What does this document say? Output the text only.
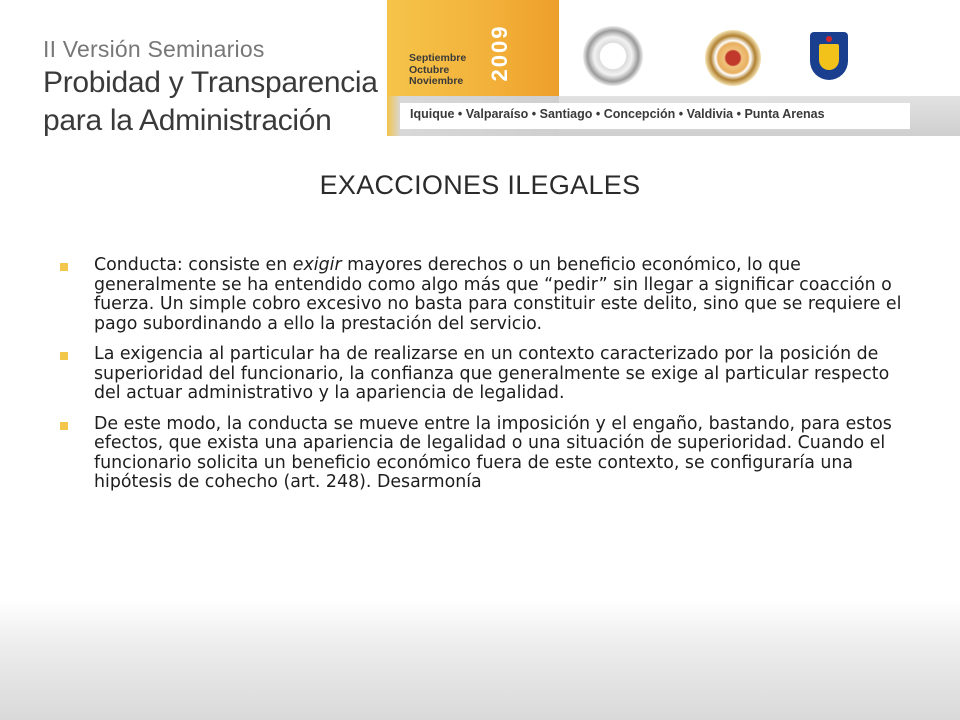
II Versión Seminarios
Probidad y Transparencia
para la Administración
Septiembre
Octubre
Noviembre	2009
Iquique • Valparaíso • Santiago • Concepción • Valdivia • Punta Arenas
EXACCIONES ILEGALES
Conducta: consiste en exigir mayores derechos o un beneficio económico, lo que generalmente se ha entendido como algo más que “pedir” sin llegar a significar coacción o fuerza. Un simple cobro excesivo no basta para constituir este delito, sino que se requiere el pago subordinando a ello la prestación del servicio.
La exigencia al particular ha de realizarse en un contexto caracterizado por la posición de superioridad del funcionario, la confianza que generalmente se exige al particular respecto del actuar administrativo y la apariencia de legalidad.
De este modo, la conducta se mueve entre la imposición y el engaño, bastando, para estos efectos, que exista una apariencia de legalidad o una situación de superioridad. Cuando el funcionario solicita un beneficio económico fuera de este contexto, se configuraría una hipótesis de cohecho (art. 248). Desarmonía
